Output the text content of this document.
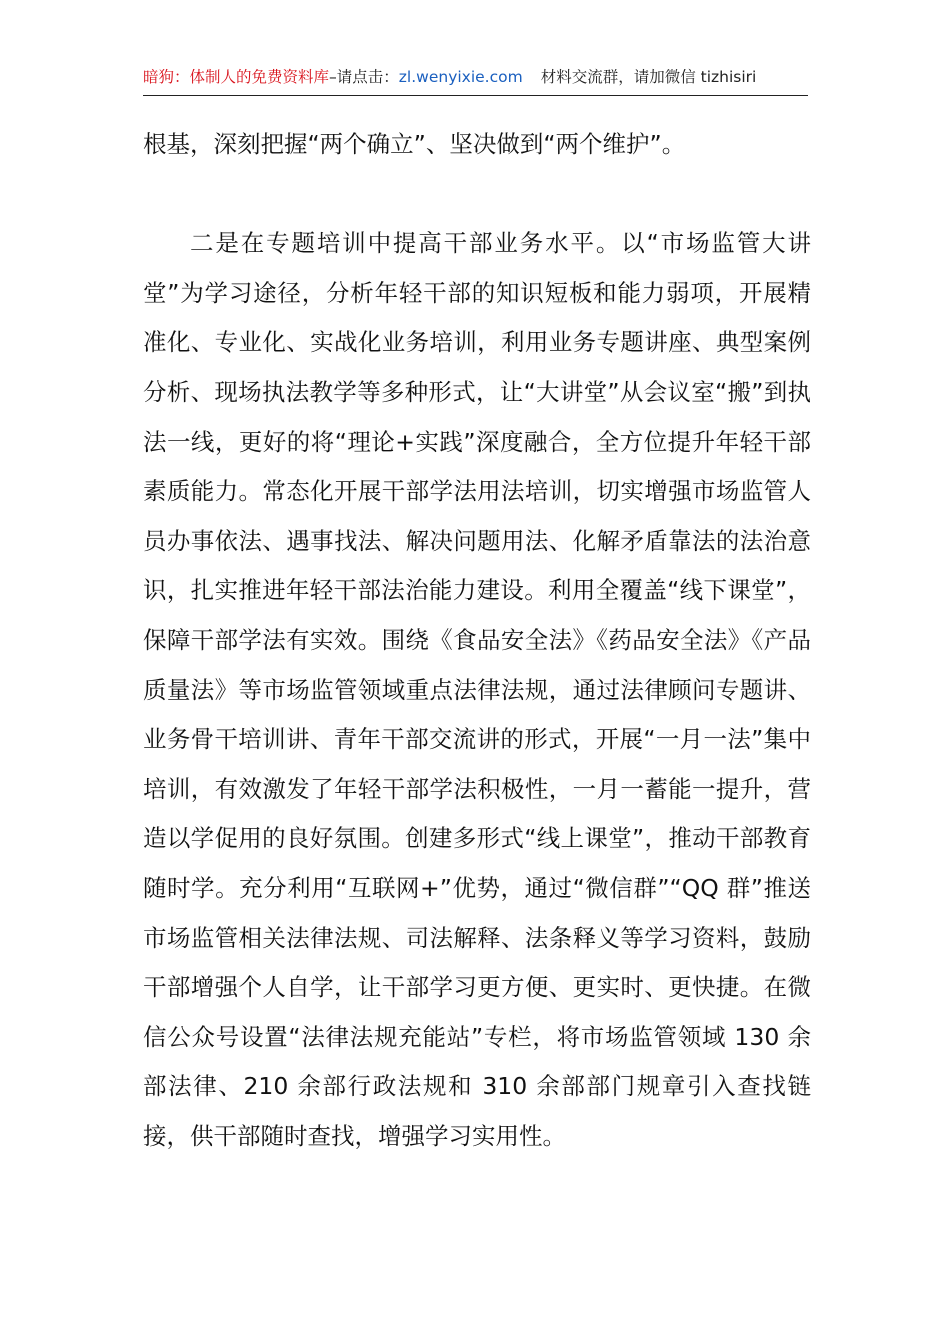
暗狗：体制人的免费资料库–请点击：zl.wenyixie.com 材料交流群，请加微信 tizhisiri

根基，深刻把握“两个确立”、坚决做到“两个维护”。

二是在专题培训中提高干部业务水平。以“市场监管大讲堂”为学习途径，分析年轻干部的知识短板和能力弱项，开展精准化、专业化、实战化业务培训，利用业务专题讲座、典型案例分析、现场执法教学等多种形式，让“大讲堂”从会议室“搬”到执法一线，更好的将“理论+实践”深度融合，全方位提升年轻干部素质能力。常态化开展干部学法用法培训，切实增强市场监管人员办事依法、遇事找法、解决问题用法、化解矛盾靠法的法治意识，扎实推进年轻干部法治能力建设。利用全覆盖“线下课堂”，保障干部学法有实效。围绕《食品安全法》《药品安全法》《产品质量法》等市场监管领域重点法律法规，通过法律顾问专题讲、业务骨干培训讲、青年干部交流讲的形式，开展“一月一法”集中培训，有效激发了年轻干部学法积极性，一月一蓄能一提升，营造以学促用的良好氛围。创建多形式“线上课堂”，推动干部教育随时学。充分利用“互联网+”优势，通过“微信群”“QQ 群”推送市场监管相关法律法规、司法解释、法条释义等学习资料，鼓励干部增强个人自学，让干部学习更方便、更实时、更快捷。在微信公众号设置“法律法规充能站”专栏，将市场监管领域 130 余部法律、210 余部行政法规和 310 余部部门规章引入查找链接，供干部随时查找，增强学习实用性。
